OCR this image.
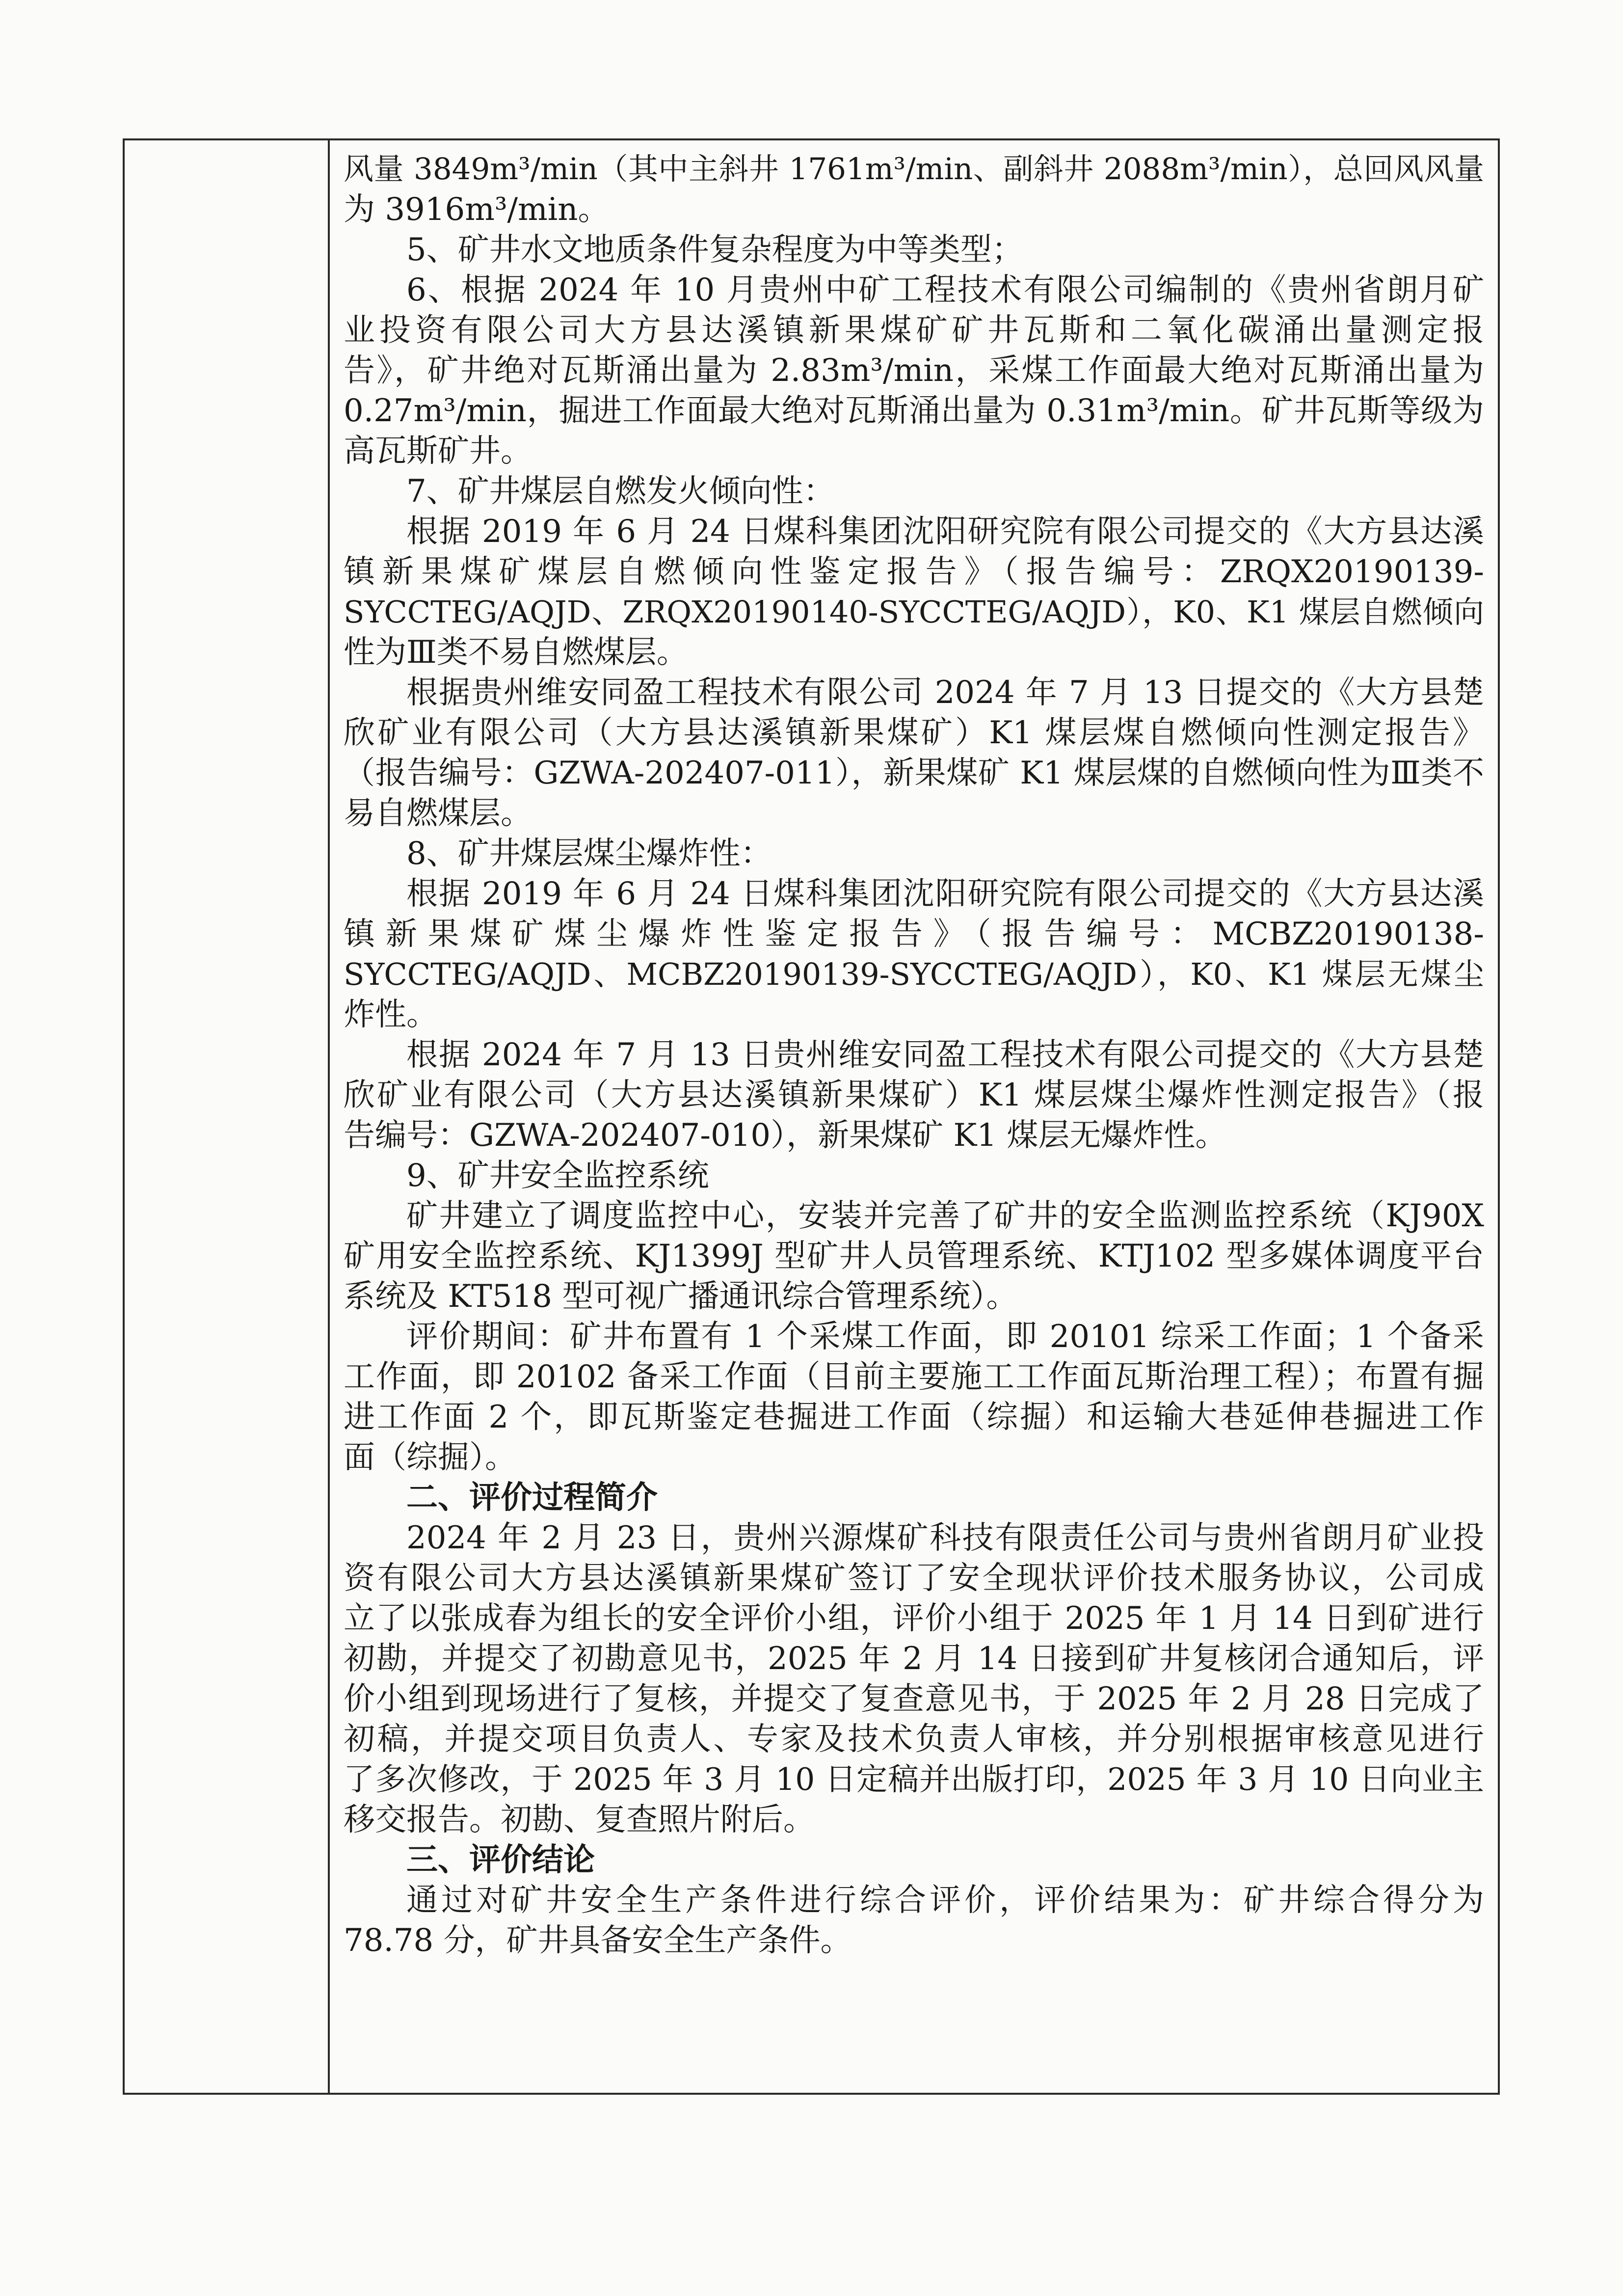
风量 3849m³/min（其中主斜井 1761m³/min、副斜井 2088m³/min），总回风风量
为 3916m³/min。
5、矿井水文地质条件复杂程度为中等类型；
6、根据 2024 年 10 月贵州中矿工程技术有限公司编制的《贵州省朗月矿
业投资有限公司大方县达溪镇新果煤矿矿井瓦斯和二氧化碳涌出量测定报
告》，矿井绝对瓦斯涌出量为 2.83m³/min，采煤工作面最大绝对瓦斯涌出量为
0.27m³/min，掘进工作面最大绝对瓦斯涌出量为 0.31m³/min。矿井瓦斯等级为
高瓦斯矿井。
7、矿井煤层自燃发火倾向性：
根据 2019 年 6 月 24 日煤科集团沈阳研究院有限公司提交的《大方县达溪
镇新果煤矿煤层自燃倾向性鉴定报告》（报告编号：ZRQX20190139-
SYCCTEG/AQJD、ZRQX20190140-SYCCTEG/AQJD），K0、K1 煤层自燃倾向
性为Ⅲ类不易自燃煤层。
根据贵州维安同盈工程技术有限公司 2024 年 7 月 13 日提交的《大方县楚
欣矿业有限公司（大方县达溪镇新果煤矿）K1 煤层煤自燃倾向性测定报告》
（报告编号：GZWA-202407-011），新果煤矿 K1 煤层煤的自燃倾向性为Ⅲ类不
易自燃煤层。
8、矿井煤层煤尘爆炸性：
根据 2019 年 6 月 24 日煤科集团沈阳研究院有限公司提交的《大方县达溪
镇新果煤矿煤尘爆炸性鉴定报告》（报告编号：MCBZ20190138-
SYCCTEG/AQJD、MCBZ20190139-SYCCTEG/AQJD），K0、K1 煤层无煤尘
炸性。
根据 2024 年 7 月 13 日贵州维安同盈工程技术有限公司提交的《大方县楚
欣矿业有限公司（大方县达溪镇新果煤矿）K1 煤层煤尘爆炸性测定报告》（报
告编号：GZWA-202407-010），新果煤矿 K1 煤层无爆炸性。
9、矿井安全监控系统
矿井建立了调度监控中心，安装并完善了矿井的安全监测监控系统（KJ90X
矿用安全监控系统、KJ1399J 型矿井人员管理系统、KTJ102 型多媒体调度平台
系统及 KT518 型可视广播通讯综合管理系统）。
评价期间：矿井布置有 1 个采煤工作面，即 20101 综采工作面；1 个备采
工作面，即 20102 备采工作面（目前主要施工工作面瓦斯治理工程）；布置有掘
进工作面 2 个，即瓦斯鉴定巷掘进工作面（综掘）和运输大巷延伸巷掘进工作
面（综掘）。
二、评价过程简介
2024 年 2 月 23 日，贵州兴源煤矿科技有限责任公司与贵州省朗月矿业投
资有限公司大方县达溪镇新果煤矿签订了安全现状评价技术服务协议，公司成
立了以张成春为组长的安全评价小组，评价小组于 2025 年 1 月 14 日到矿进行
初勘，并提交了初勘意见书，2025 年 2 月 14 日接到矿井复核闭合通知后，评
价小组到现场进行了复核，并提交了复查意见书，于 2025 年 2 月 28 日完成了
初稿，并提交项目负责人、专家及技术负责人审核，并分别根据审核意见进行
了多次修改，于 2025 年 3 月 10 日定稿并出版打印，2025 年 3 月 10 日向业主
移交报告。初勘、复查照片附后。
三、评价结论
通过对矿井安全生产条件进行综合评价，评价结果为：矿井综合得分为
78.78 分，矿井具备安全生产条件。
